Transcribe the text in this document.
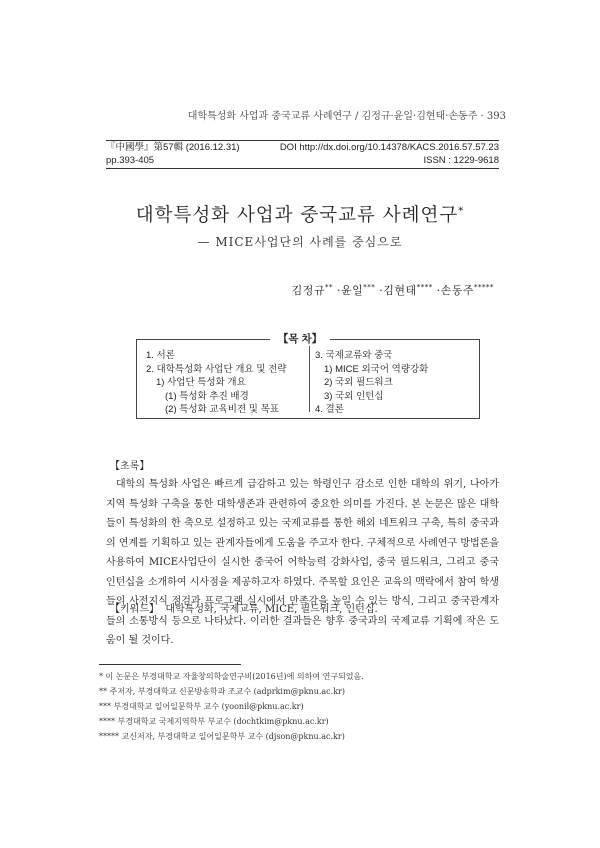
대학특성화 사업과 중국교류 사례연구 / 김정규·윤일·김현태·손동주 · 393
『中國學』第57輯 (2016.12.31)	DOI http://dx.doi.org/10.14378/KACS.2016.57.57.23
pp.393-405	ISSN : 1229-9618
대학특성화 사업과 중국교류 사례연구*
— MICE사업단의 사례를 중심으로
김정규** ·윤일*** ·김현태**** ·손동주*****
1. 서론
2. 대학특성화 사업단 개요 및 전략
1) 사업단 특성화 개요
(1) 특성화 추진 배경
(2) 특성화 교육비젼 및 목표
3. 국제교류와 중국
1) MICE 외국어 역량강화
2) 국외 필드워크
3) 국외 인턴십
4. 결론
【목 차】
【초록】

대학의 특성화 사업은 빠르게 급감하고 있는 학령인구 감소로 인한 대학의 위기, 나아가 지역 특성화 구축을 통한 대학생존과 관련하여 중요한 의미를 가진다. 본 논문은 많은 대학들이 특성화의 한 축으로 설정하고 있는 국제교류를 통한 해외 네트워크 구축, 특히 중국과의 연계를 기획하고 있는 관계자들에게 도움을 주고자 한다. 구체적으로 사례연구 방법론을 사용하여 MICE사업단이 실시한 중국어 어학능력 강화사업, 중국 필드워크, 그리고 중국 인턴십을 소개하여 시사점을 제공하고자 하였다. 주목할 요인은 교육의 맥락에서 참여 학생들의 사전지식 점검과 프로그램 실시에서 만족감을 높일 수 있는 방식, 그리고 중국관계자들의 소통방식 등으로 나타났다. 이러한 결과들은 향후 중국과의 국제교류 기획에 작은 도움이 될 것이다.

【키워드】 대학특성화, 국제교류, MICE, 필드워크, 인턴십.
* 이 논문은 부경대학교 자율창의학술연구비(2016년)에 의하여 연구되었음.
** 주저자, 부경대학교 신문방송학과 조교수 (adprkim@pknu.ac.kr)
*** 부경대학교 일어일문학부 교수 (yoonil@pknu.ac.kr)
**** 부경대학교 국제지역학부 부교수 (dochtkim@pknu.ac.kr)
***** 교신저자, 부경대학교 일어일문학부 교수 (djson@pknu.ac.kr)
